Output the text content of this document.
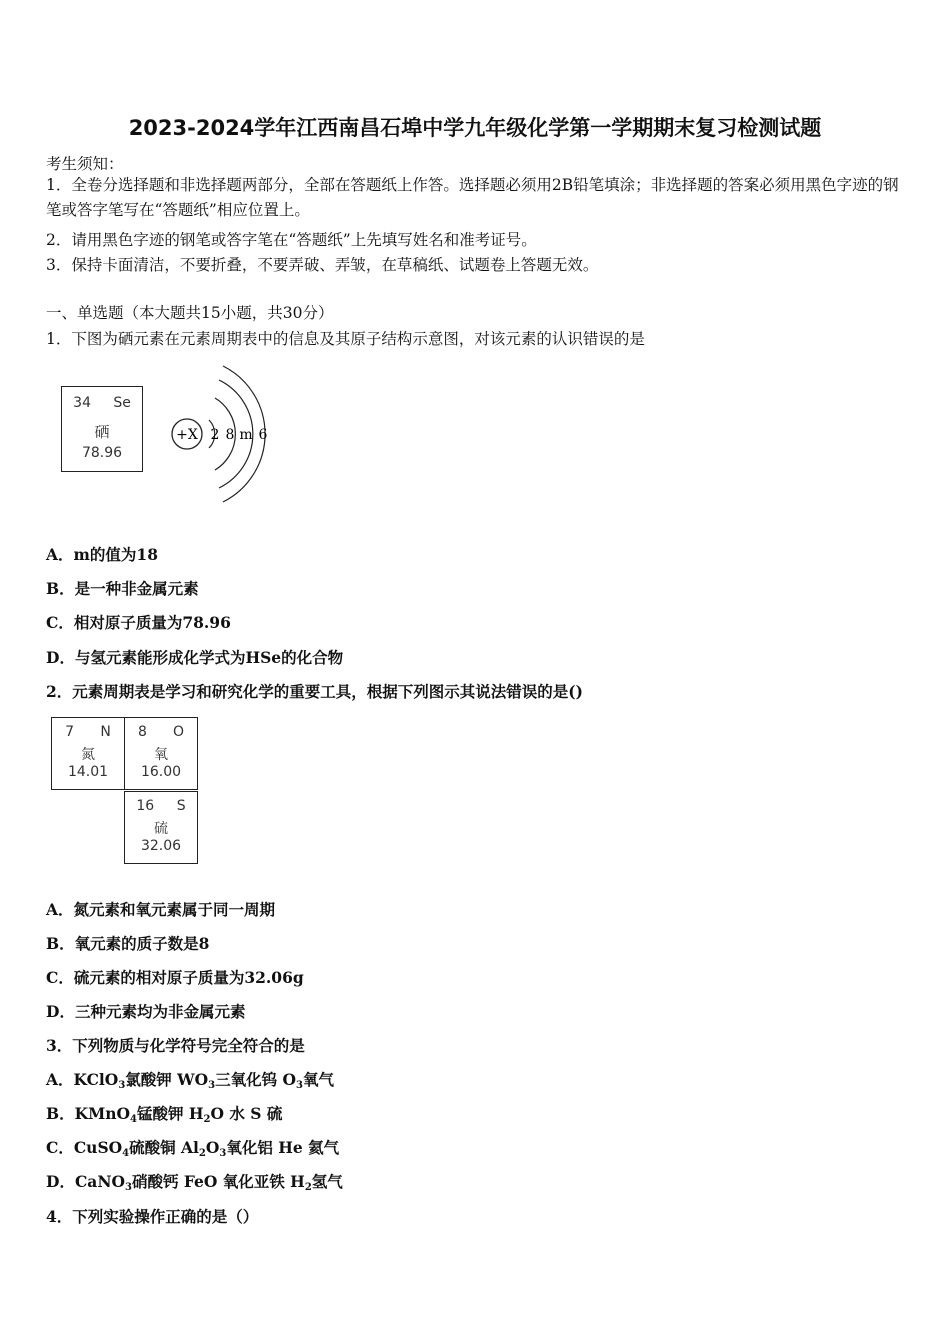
2023-2024学年江西南昌石埠中学九年级化学第一学期期末复习检测试题
考生须知：
1．全卷分选择题和非选择题两部分，全部在答题纸上作答。选择题必须用2B铅笔填涂；非选择题的答案必须用黑色字迹的钢笔或答字笔写在“答题纸”相应位置上。
2．请用黑色字迹的钢笔或答字笔在“答题纸”上先填写姓名和准考证号。
3．保持卡面清洁，不要折叠，不要弄破、弄皱，在草稿纸、试题卷上答题无效。
一、单选题（本大题共15小题，共30分）
1．下图为硒元素在元素周期表中的信息及其原子结构示意图，对该元素的认识错误的是
34 Se
硒
78.96
+X 2 8 m 6
A．m的值为18
B．是一种非金属元素
C．相对原子质量为78.96
D．与氢元素能形成化学式为HSe的化合物
2．元素周期表是学习和研究化学的重要工具，根据下列图示其说法错误的是()
7 N
氮
14.01
8 O
氧
16.00
16 S
硫
32.06
A．氮元素和氧元素属于同一周期
B．氧元素的质子数是8
C．硫元素的相对原子质量为32.06g
D．三种元素均为非金属元素
3．下列物质与化学符号完全符合的是
A．KClO$_3$氯酸钾 $WO_3$三氧化钨 $O_3$氧气
B．KMnO$_4$锰酸钾 $H_2O$ 水 S 硫
C．CuSO$_4$硫酸铜 $Al_2O_3$氧化铝 He 氦气
D．CaNO$_3$硝酸钙 FeO 氧化亚铁 $H_2$氢气
4．下列实验操作正确的是（）
